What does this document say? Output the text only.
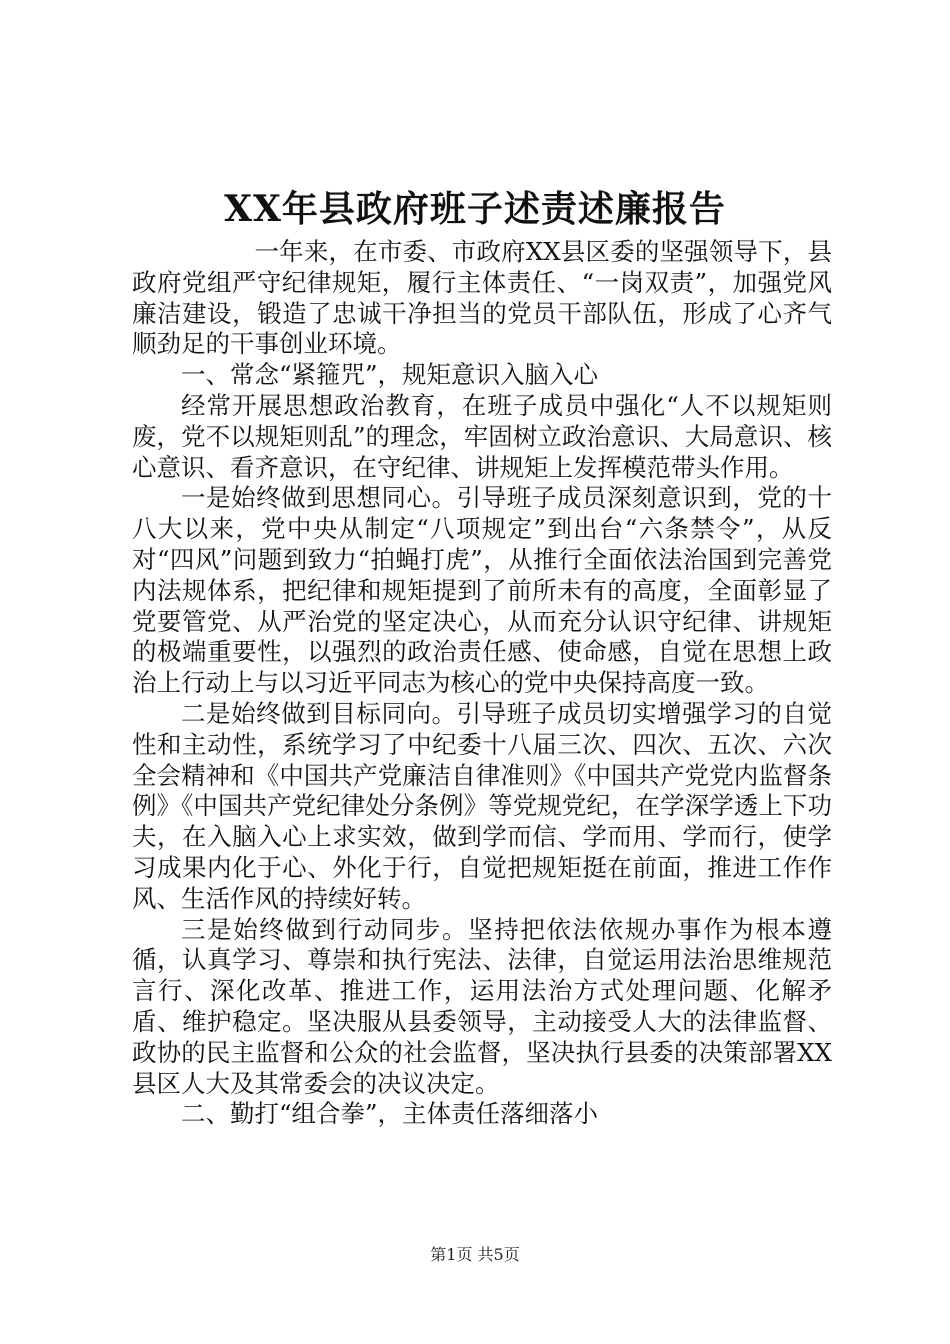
XX年县政府班子述责述廉报告

一年来，在市委、市政府XX县区委的坚强领导下，县政府党组严守纪律规矩，履行主体责任、“一岗双责”，加强党风廉洁建设，锻造了忠诚干净担当的党员干部队伍，形成了心齐气顺劲足的干事创业环境。

一、常念“紧箍咒”，规矩意识入脑入心

经常开展思想政治教育，在班子成员中强化“人不以规矩则废，党不以规矩则乱”的理念，牢固树立政治意识、大局意识、核心意识、看齐意识，在守纪律、讲规矩上发挥模范带头作用。

一是始终做到思想同心。引导班子成员深刻意识到，党的十八大以来，党中央从制定“八项规定”到出台“六条禁令”，从反对“四风”问题到致力“拍蝇打虎”，从推行全面依法治国到完善党内法规体系，把纪律和规矩提到了前所未有的高度，全面彰显了党要管党、从严治党的坚定决心，从而充分认识守纪律、讲规矩的极端重要性，以强烈的政治责任感、使命感，自觉在思想上政治上行动上与以习近平同志为核心的党中央保持高度一致。

二是始终做到目标同向。引导班子成员切实增强学习的自觉性和主动性，系统学习了中纪委十八届三次、四次、五次、六次全会精神和《中国共产党廉洁自律准则》《中国共产党党内监督条例》《中国共产党纪律处分条例》等党规党纪，在学深学透上下功夫，在入脑入心上求实效，做到学而信、学而用、学而行，使学习成果内化于心、外化于行，自觉把规矩挺在前面，推进工作作风、生活作风的持续好转。

三是始终做到行动同步。坚持把依法依规办事作为根本遵循，认真学习、尊崇和执行宪法、法律，自觉运用法治思维规范言行、深化改革、推进工作，运用法治方式处理问题、化解矛盾、维护稳定。坚决服从县委领导，主动接受人大的法律监督、政协的民主监督和公众的社会监督，坚决执行县委的决策部署XX县区人大及其常委会的决议决定。

二、勤打“组合拳”，主体责任落细落小

第1页 共5页
